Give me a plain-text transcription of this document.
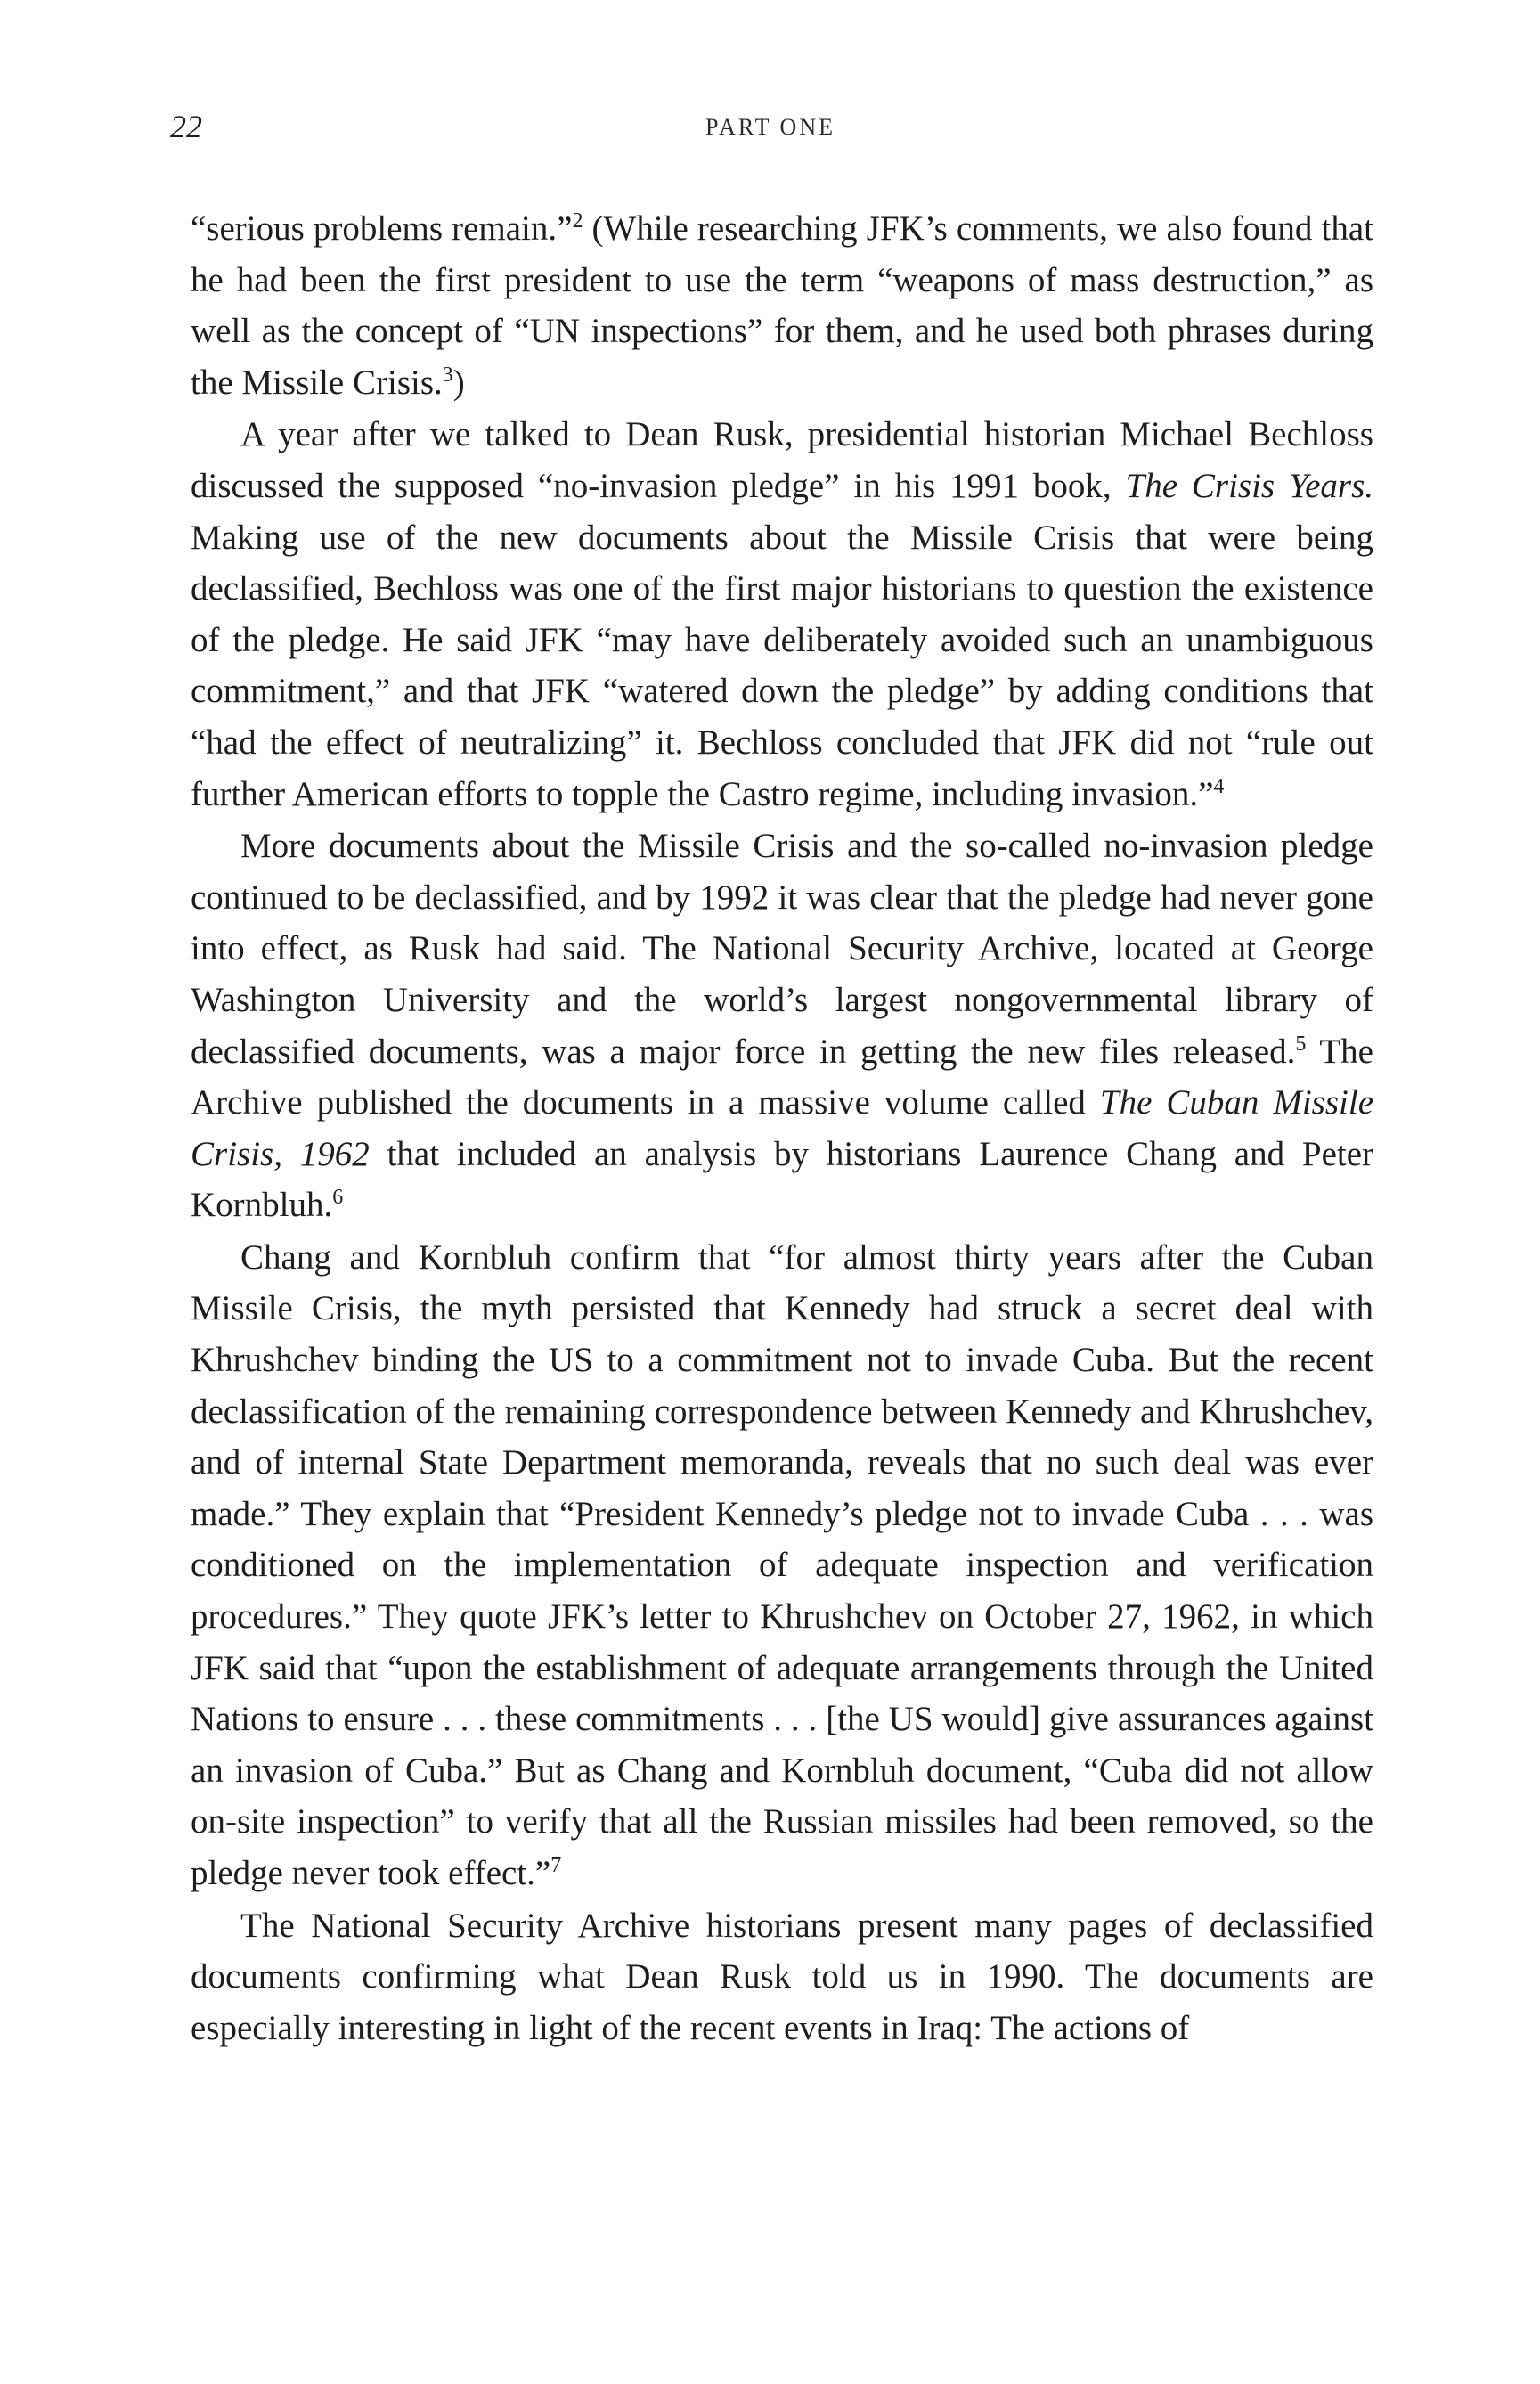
22	PART ONE

“serious problems remain.”$^2$ (While researching JFK’s comments, we also found that he had been the first president to use the term “weapons of mass destruction,” as well as the concept of “UN inspections” for them, and he used both phrases during the Missile Crisis.$^3$)

A year after we talked to Dean Rusk, presidential historian Michael Bechloss discussed the supposed “no-invasion pledge” in his 1991 book, The Crisis Years. Making use of the new documents about the Missile Crisis that were being declassified, Bechloss was one of the first major historians to question the existence of the pledge. He said JFK “may have deliberately avoided such an unambiguous commitment,” and that JFK “watered down the pledge” by adding conditions that “had the effect of neutralizing” it. Bechloss concluded that JFK did not “rule out further American efforts to topple the Castro regime, including invasion.”$^4$

More documents about the Missile Crisis and the so-called no-invasion pledge continued to be declassified, and by 1992 it was clear that the pledge had never gone into effect, as Rusk had said. The National Security Archive, located at George Washington University and the world’s largest nongovernmental library of declassified documents, was a major force in getting the new files released.$^5$ The Archive published the documents in a massive volume called The Cuban Missile Crisis, 1962 that included an analysis by historians Laurence Chang and Peter Kornbluh.$^6$

Chang and Kornbluh confirm that “for almost thirty years after the Cuban Missile Crisis, the myth persisted that Kennedy had struck a secret deal with Khrushchev binding the US to a commitment not to invade Cuba. But the recent declassification of the remaining correspondence between Kennedy and Khrushchev, and of internal State Department memoranda, reveals that no such deal was ever made.” They explain that “President Kennedy’s pledge not to invade Cuba . . . was conditioned on the implementation of adequate inspection and verification procedures.” They quote JFK’s letter to Khrushchev on October 27, 1962, in which JFK said that “upon the establishment of adequate arrangements through the United Nations to ensure . . . these commitments . . . [the US would] give assurances against an invasion of Cuba.” But as Chang and Kornbluh document, “Cuba did not allow on-site inspection” to verify that all the Russian missiles had been removed, so the pledge never took effect.”$^7$

The National Security Archive historians present many pages of declassified documents confirming what Dean Rusk told us in 1990. The documents are especially interesting in light of the recent events in Iraq: The actions of
